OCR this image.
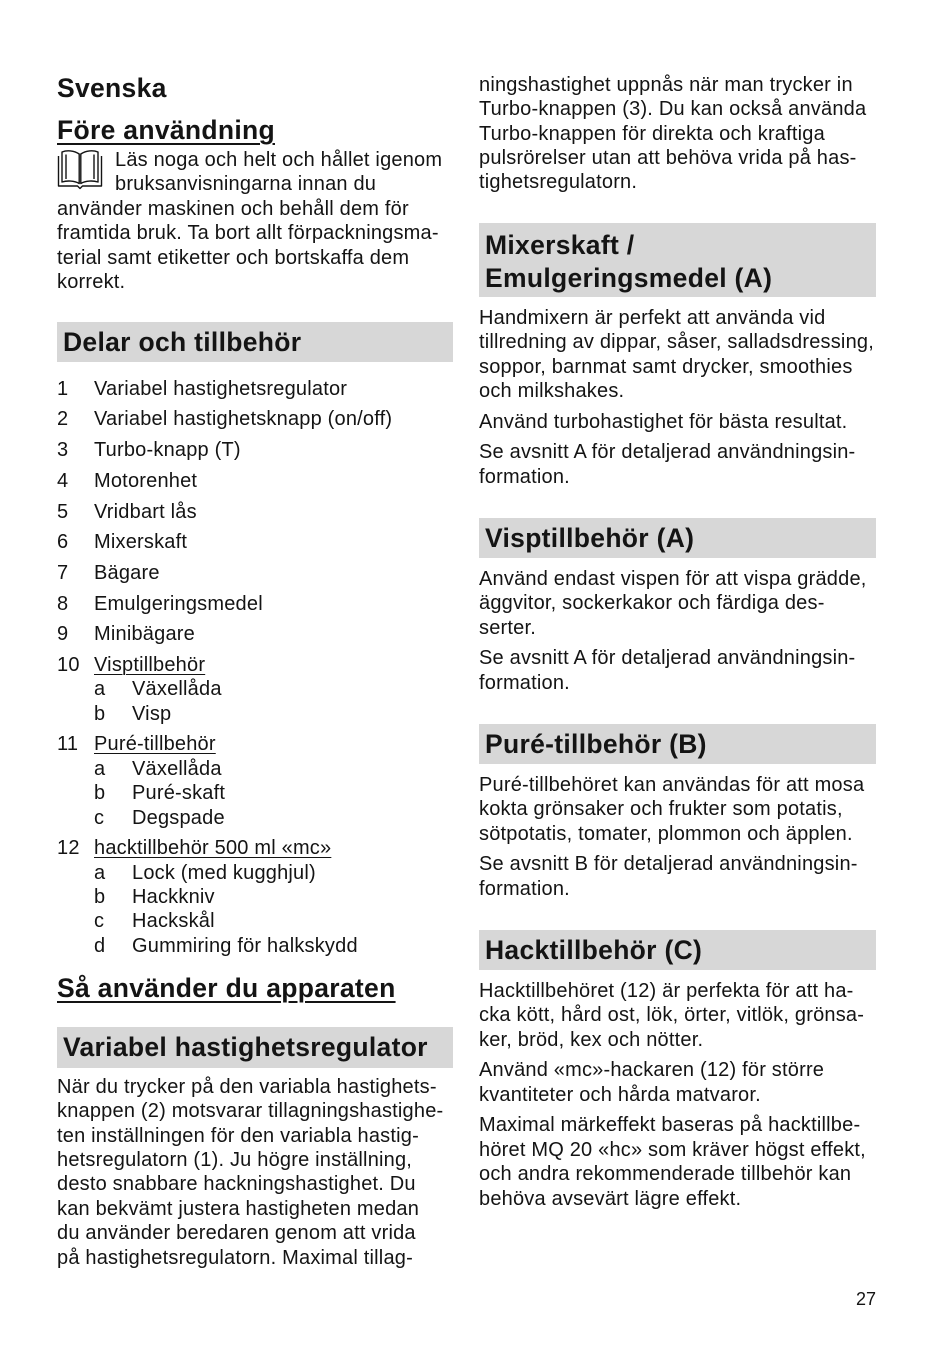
Svenska
Före användning
Läs noga och helt och hållet igenom
bruksanvisningarna innan du
använder maskinen och behåll dem för
framtida bruk. Ta bort allt förpackningsma-
terial samt etiketter och bortskaffa dem
korrekt.
Delar och tillbehör
1	Variabel hastighetsregulator
2	Variabel hastighetsknapp (on/off)
3	Turbo-knapp (T)
4	Motorenhet
5	Vridbart lås
6	Mixerskaft
7	Bägare
8	Emulgeringsmedel
9	Minibägare
10 Visptillbehör
a	Växellåda
b	Visp
11 Puré-tillbehör
a	Växellåda
b	Puré-skaft
c	Degspade
12 hacktillbehör 500 ml «mc»
a	Lock (med kugghjul)
b	Hackkniv
c	Hackskål
d	Gummiring för halkskydd
Så använder du apparaten
Variabel hastighetsregulator
När du trycker på den variabla hastighets-
knappen (2) motsvarar tillagningshastighe-
ten inställningen för den variabla hastig-
hetsregulatorn (1). Ju högre inställning,
desto snabbare hackningshastighet. Du
kan bekvämt justera hastigheten medan
du använder beredaren genom att vrida
på hastighetsregulatorn. Maximal tillag-
ningshastighet uppnås när man trycker in
Turbo-knappen (3). Du kan också använda
Turbo-knappen för direkta och kraftiga
pulsrörelser utan att behöva vrida på has-
tighetsregulatorn.
Mixerskaft /
Emulgeringsmedel (A)
Handmixern är perfekt att använda vid
tillredning av dippar, såser, salladsdressing,
soppor, barnmat samt drycker, smoothies
och milkshakes.
Använd turbohastighet för bästa resultat.
Se avsnitt A för detaljerad användningsin-
formation.
Visptillbehör (A)
Använd endast vispen för att vispa grädde,
äggvitor, sockerkakor och färdiga des-
serter.
Se avsnitt A för detaljerad användningsin-
formation.
Puré-tillbehör (B)
Puré-tillbehöret kan användas för att mosa
kokta grönsaker och frukter som potatis,
sötpotatis, tomater, plommon och äpplen.
Se avsnitt B för detaljerad användningsin-
formation.
Hacktillbehör (C)
Hacktillbehöret (12) är perfekta för att ha-
cka kött, hård ost, lök, örter, vitlök, grönsa-
ker, bröd, kex och nötter.
Använd «mc»-hackaren (12) för större
kvantiteter och hårda matvaror.
Maximal märkeffekt baseras på hacktillbe-
höret MQ 20 «hc» som kräver högst effekt,
och andra rekommenderade tillbehör kan
behöva avsevärt lägre effekt.
27
